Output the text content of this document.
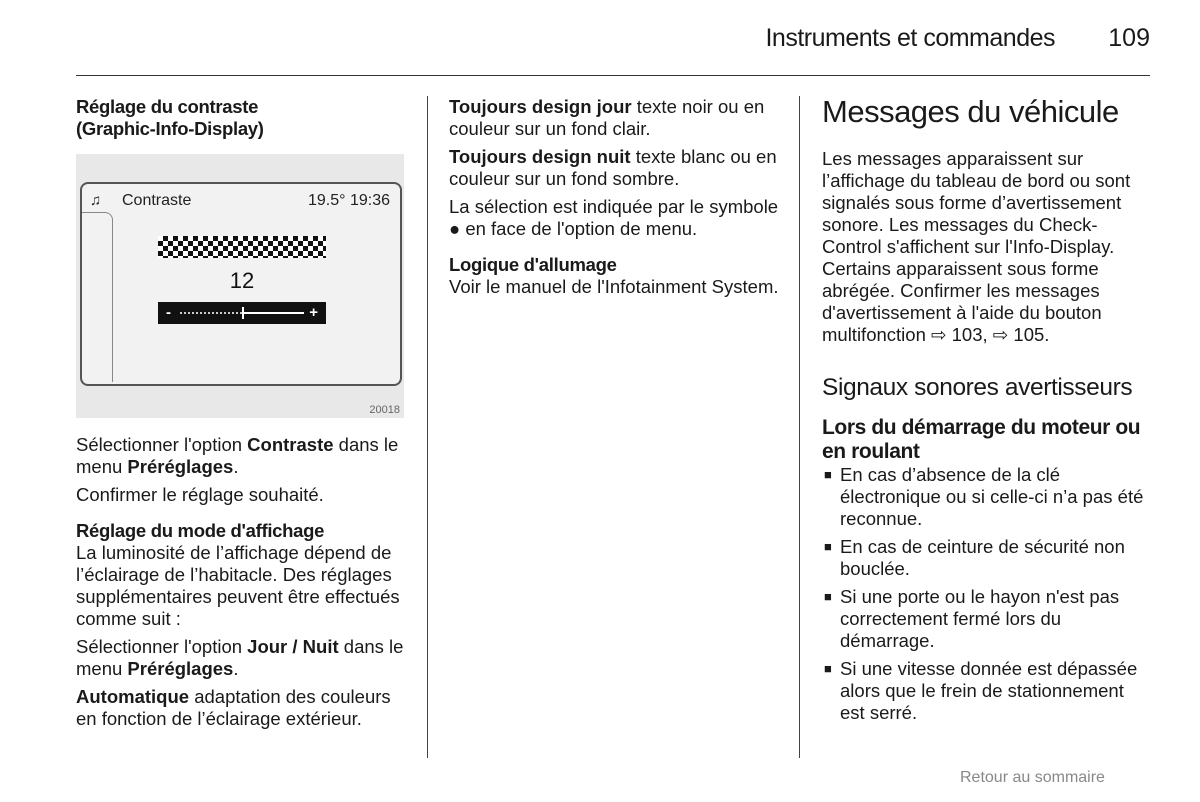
Instruments et commandes	109
Réglage du contraste
(Graphic-Info-Display)
♫ Contraste	19.5° 19:36
12
-	+
20018

Sélectionner l'option Contraste dans le menu Préréglages.

Confirmer le réglage souhaité.

Réglage du mode d'affichage

La luminosité de l’affichage dépend de l’éclairage de l’habitacle. Des réglages supplémentaires peuvent être effectués comme suit :

Sélectionner l'option Jour / Nuit dans le menu Préréglages.

Automatique adaptation des couleurs en fonction de l’éclairage extérieur.

Toujours design jour texte noir ou en couleur sur un fond clair.

Toujours design nuit texte blanc ou en couleur sur un fond sombre.

La sélection est indiquée par le symbole ● en face de l'option de menu.

Logique d'allumage

Voir le manuel de l'Infotainment System.

Messages du véhicule

Les messages apparaissent sur l’affichage du tableau de bord ou sont signalés sous forme d’avertissement sonore. Les messages du Check-Control s'affichent sur l'Info-Display. Certains apparaissent sous forme abrégée. Confirmer les messages d'avertissement à l'aide du bouton multifonction ⇨ 103, ⇨ 105.

Signaux sonores avertisseurs
Lors du démarrage du moteur ou en roulant
■ En cas d’absence de la clé électronique ou si celle-ci n’a pas été reconnue.
■ En cas de ceinture de sécurité non bouclée.
■ Si une porte ou le hayon n'est pas correctement fermé lors du démarrage.
■ Si une vitesse donnée est dépassée alors que le frein de stationnement est serré.
Retour au sommaire
